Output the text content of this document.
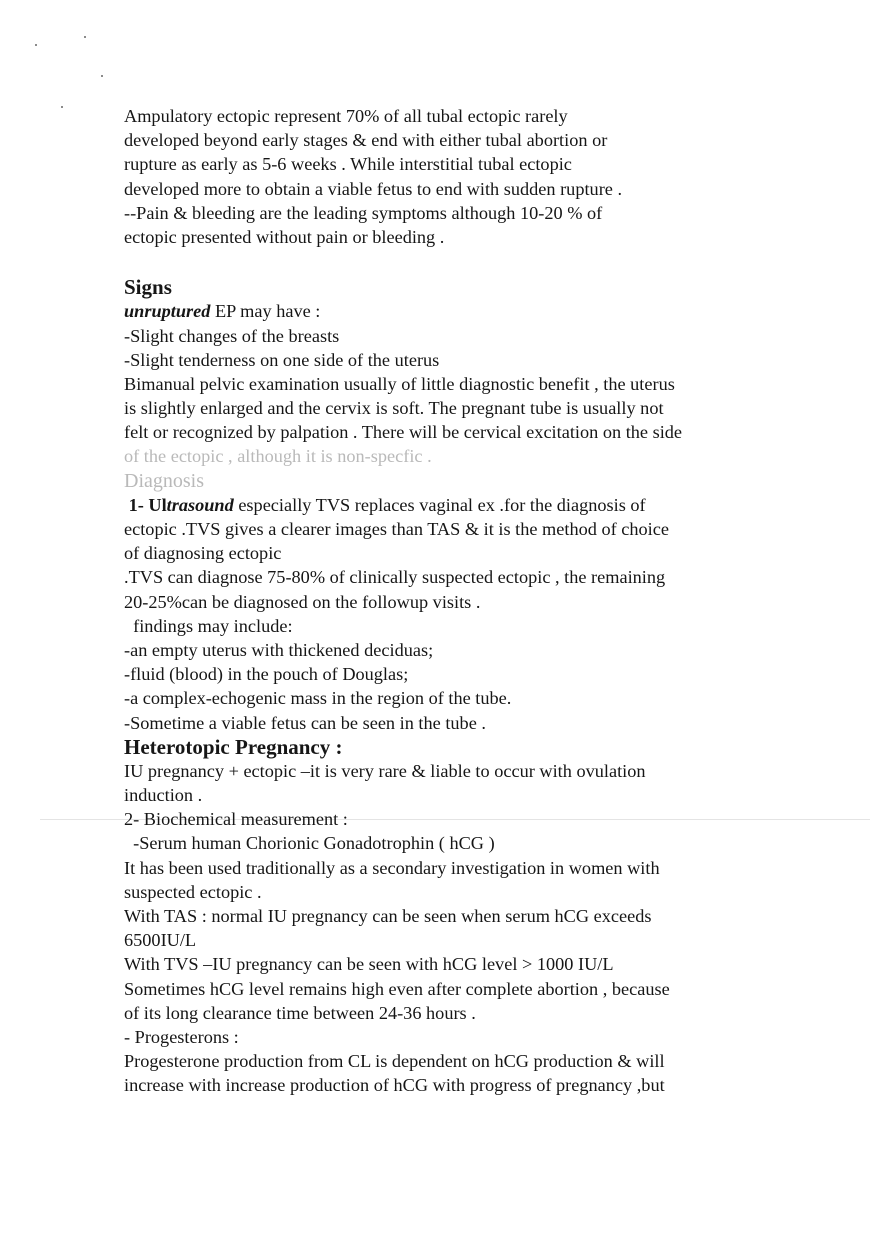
Ampulatory ectopic represent 70% of all tubal ectopic rarely
developed beyond early stages & end with either tubal abortion or
rupture as early as 5-6 weeks . While interstitial tubal ectopic
developed more to obtain a viable fetus to end with sudden rupture .
--Pain & bleeding are the leading symptoms although 10-20 % of
ectopic presented without pain or bleeding .
Signs
unruptured EP may have :
-Slight changes of the breasts
-Slight tenderness on one side of the uterus
Bimanual pelvic examination usually of little diagnostic benefit , the uterus
is slightly enlarged and the cervix is soft. The pregnant tube is usually not
felt or recognized by palpation . There will be cervical excitation on the side
of the ectopic , although it is non-specfic .
Diagnosis
1- Ultrasound especially TVS replaces vaginal ex .for the diagnosis of
ectopic .TVS gives a clearer images than TAS & it is the method of choice
of diagnosing ectopic
.TVS can diagnose 75-80% of clinically suspected ectopic , the remaining
20-25%can be diagnosed on the followup visits .
findings may include:
-an empty uterus with thickened deciduas;
-fluid (blood) in the pouch of Douglas;
-a complex-echogenic mass in the region of the tube.
-Sometime a viable fetus can be seen in the tube .
Heterotopic Pregnancy :
IU pregnancy + ectopic –it is very rare & liable to occur with ovulation
induction .
2- Biochemical measurement :
-Serum human Chorionic Gonadotrophin ( hCG )
It has been used traditionally as a secondary investigation in women with
suspected ectopic .
With TAS : normal IU pregnancy can be seen when serum hCG exceeds
6500IU/L
With TVS –IU pregnancy can be seen with hCG level > 1000 IU/L
Sometimes hCG level remains high even after complete abortion , because
of its long clearance time between 24-36 hours .
- Progesterons :
Progesterone production from CL is dependent on hCG production & will
increase with increase production of hCG with progress of pregnancy ,but
